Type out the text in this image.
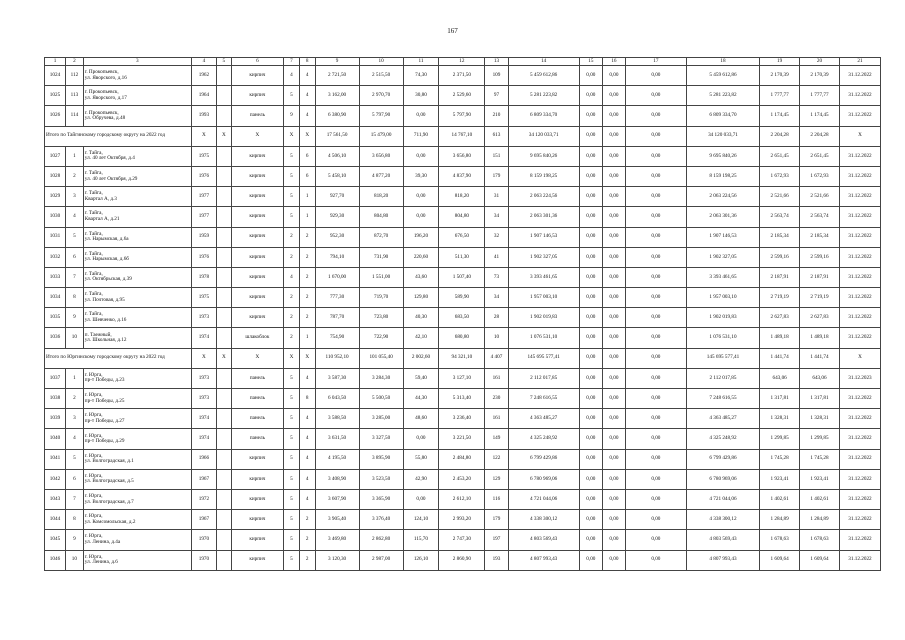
167
1	2	3	4	5	6	7	8	9	10	11	12	13	14	15	16	17	18	19	20	21
1024	112	г. Прокопьевск,
ул. Яворского, д.16	1962		кирпич	4	4	2 721,50	2 515,50	74,30	2 371,50	109	5 459 612,86	0,00	0,00	0,00	5 459 612,86	2 170,39	2 170,39	31.12.2022
1025	113	г. Прокопьевск,
ул. Яворского, д.17	1964		кирпич	5	4	3 162,00	2 970,70	30,80	2 529,60	97	5 281 223,82	0,00	0,00	0,00	5 281 223,82	1 777,77	1 777,77	31.12.2022
1026	114	г. Прокопьевск,
ул. Обручева, д.48	1993		панель	9	4	6 380,90	5 797,90	0,00	5 797,90	210	6 809 334,70	0,00	0,00	0,00	6 809 334,70	1 174,45	1 174,45	31.12.2022
Итого по Тайгинскому городскому округу на 2022 год			X	X	X	X	X	17 561,50	15 479,00	711,90	14 767,10	613	34 120 033,71	0,00	0,00	0,00	34 120 033,71	2 204,28	2 204,28	X
1027	1	г. Тайга,
ул. 40 лет Октября, д.4	1975		кирпич	5	6	4 506,10	3 656,80	0,00	3 656,80	151	9 695 840,26	0,00	0,00	0,00	9 695 840,26	2 651,45	2 651,45	31.12.2022
1028	2	г. Тайга,
ул. 40 лет Октября, д.29	1976		кирпич	5	6	5 458,10	4 877,20	39,30	4 837,90	179	8 159 198,25	0,00	0,00	0,00	8 159 198,25	1 672,93	1 672,93	31.12.2022
1029	3	г. Тайга,
Квартал А, д.3	1977		кирпич	5	1	927,70	818,20	0,00	818,20	31	2 063 224,56	0,00	0,00	0,00	2 063 224,56	2 521,66	2 521,66	31.12.2022
1030	4	г. Тайга,
Квартал А, д.21	1977		кирпич	5	1	929,30	804,80	0,00	804,80	34	2 063 301,36	0,00	0,00	0,00	2 063 301,36	2 563,74	2 563,74	31.12.2022
1031	5	г. Тайга,
ул. Нарымская, д.6а	1959		кирпич	2	2	952,30	872,70	196,20	676,50	32	1 907 146,53	0,00	0,00	0,00	1 907 146,53	2 185,34	2 185,34	31.12.2022
1032	6	г. Тайга,
ул. Нарымская, д.6б	1976		кирпич	2	2	794,10	731,90	220,60	511,30	41	1 902 327,05	0,00	0,00	0,00	1 902 327,05	2 599,16	2 599,16	31.12.2022
1033	7	г. Тайга,
ул. Октябрьская, д.39	1978		кирпич	4	2	1 670,00	1 551,00	43,60	1 507,40	73	3 393 461,65	0,00	0,00	0,00	3 393 461,65	2 187,91	2 187,91	31.12.2022
1034	8	г. Тайга,
ул. Почтовая, д.95	1975		кирпич	2	2	777,30	719,70	129,80	589,90	34	1 957 003,10	0,00	0,00	0,00	1 957 003,10	2 719,19	2 719,19	31.12.2022
1035	9	г. Тайга,
ул. Шевченко, д.16	1973		кирпич	2	2	787,70	723,80	40,30	683,50	28	1 902 019,83	0,00	0,00	0,00	1 902 019,83	2 627,83	2 627,83	31.12.2022
1036	10	п. Таежный,
ул. Школьная, д.12	1974		шлакоблок	2	1	754,90	722,90	42,10	680,80	10	1 076 531,10	0,00	0,00	0,00	1 076 531,10	1 489,18	1 489,18	31.12.2022
Итого по Юргинскому городскому округу на 2022 год			X	X	X	X	X	110 952,10	101 055,40	2 002,60	94 321,10	4 407	145 695 577,41	0,00	0,00	0,00	145 695 577,41	1 441,74	1 441,74	X
1037	1	г. Юрга,
пр-т Победы, д.23	1973		панель	5	4	3 587,30	3 284,30	59,40	3 127,10	161	2 112 017,85	0,00	0,00	0,00	2 112 017,85	643,06	643,06	31.12.2023
1038	2	г. Юрга,
пр-т Победы, д.25	1973		панель	5	8	6 043,50	5 500,50	44,30	5 313,40	230	7 248 616,55	0,00	0,00	0,00	7 248 616,55	1 317,81	1 317,81	31.12.2022
1039	3	г. Юрга,
пр-т Победы, д.27	1974		панель	5	4	3 588,50	3 285,00	48,60	3 236,40	161	4 363 485,27	0,00	0,00	0,00	4 363 485,27	1 328,31	1 328,31	31.12.2022
1040	4	г. Юрга,
пр-т Победы, д.29	1974		панель	5	4	3 631,50	3 327,50	0,00	3 221,50	149	4 325 248,92	0,00	0,00	0,00	4 325 248,92	1 299,85	1 299,85	31.12.2022
1041	5	г. Юрга,
ул. Волгоградская, д.1	1966		кирпич	5	4	4 195,50	3 895,90	55,80	2 484,80	122	6 799 429,86	0,00	0,00	0,00	6 799 429,86	1 745,28	1 745,28	31.12.2022
1042	6	г. Юрга,
ул. Волгоградская, д.5	1967		кирпич	5	4	3 408,90	3 523,50	42,90	2 453,20	129	6 780 969,06	0,00	0,00	0,00	6 780 969,06	1 923,41	1 923,41	31.12.2022
1043	7	г. Юрга,
ул. Волгоградская, д.7	1972		кирпич	5	4	3 607,90	3 365,90	0,00	2 612,10	116	4 721 044,06	0,00	0,00	0,00	4 721 044,06	1 402,61	1 402,61	31.12.2022
1044	8	г. Юрга,
ул. Комсомольская, д.2	1967		кирпич	5	2	3 905,40	3 376,40	124,10	2 993,20	179	4 338 300,12	0,00	0,00	0,00	4 338 300,12	1 284,89	1 284,89	31.12.2022
1045	9	г. Юрга,
ул. Ленина, д.4а	1970		кирпич	5	2	3 469,80	2 862,80	115,70	2 747,30	197	4 803 569,43	0,00	0,00	0,00	4 803 569,43	1 678,63	1 678,63	31.12.2022
1046	10	г. Юрга,
ул. Ленина, д.6	1970		кирпич	5	2	3 120,30	2 987,00	126,10	2 860,90	193	4 807 993,43	0,00	0,00	0,00	4 807 993,43	1 609,64	1 609,64	31.12.2022
